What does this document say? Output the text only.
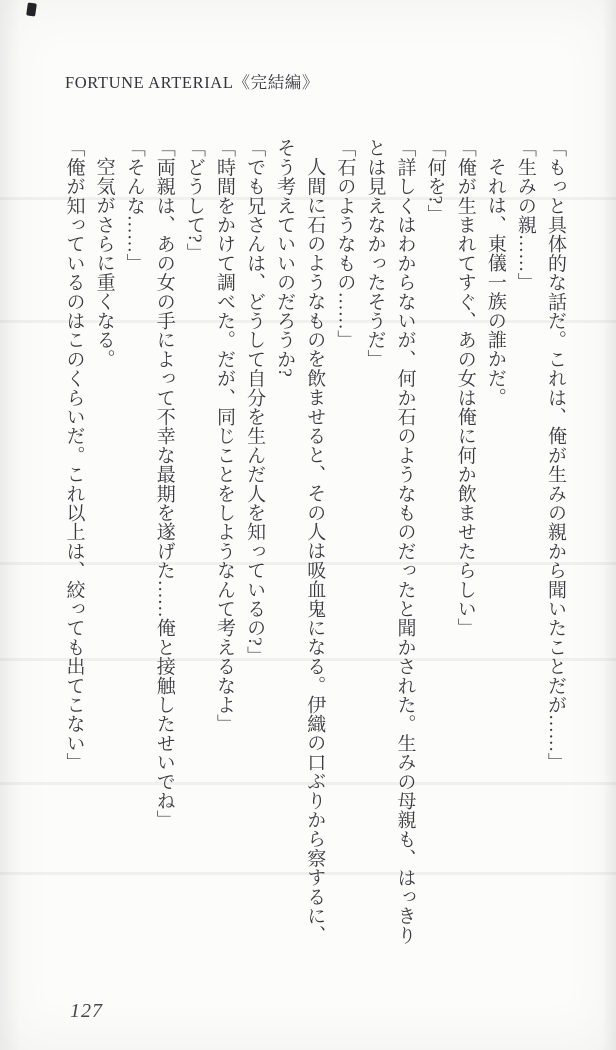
FORTUNE ARTERIAL《完結編》
「もっと具体的な話だ。これは、俺が生みの親から聞いたことだが……」
「生みの親……」
それは、東儀一族の誰かだ。
「俺が生まれてすぐ、あの女は俺に何か飲ませたらしい」
「何を?」
「詳しくはわからないが、何か石のようなものだったと聞かされた。生みの母親も、はっきり
とは見えなかったそうだ」
「石のようなもの……」
人間に石のようなものを飲ませると、その人は吸血鬼になる。伊織の口ぶりから察するに、
そう考えていいのだろうか?
「でも兄さんは、どうして自分を生んだ人を知っているの?」
「時間をかけて調べた。だが、同じことをしようなんて考えるなよ」
「どうして?」
「両親は、あの女の手によって不幸な最期を遂げた……俺と接触したせいでね」
「そんな……」
空気がさらに重くなる。
「俺が知っているのはこのくらいだ。これ以上は、絞っても出てこない」
127
